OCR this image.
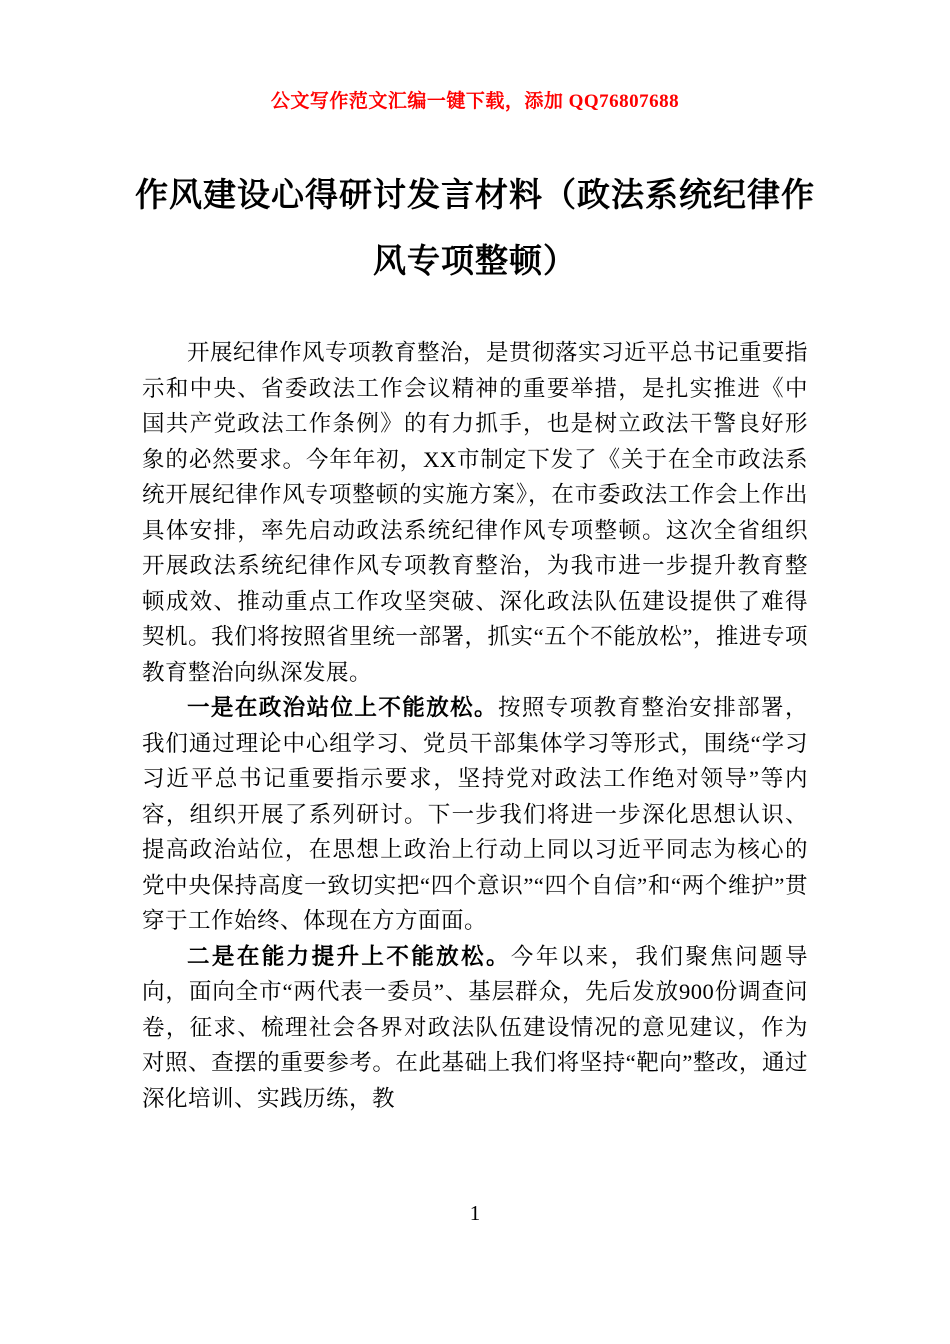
公文写作范文汇编一键下载，添加 QQ76807688
作风建设心得研讨发言材料（政法系统纪律作风专项整顿）

开展纪律作风专项教育整治，是贯彻落实习近平总书记重要指示和中央、省委政法工作会议精神的重要举措，是扎实推进《中国共产党政法工作条例》的有力抓手，也是树立政法干警良好形象的必然要求。今年年初，XX市制定下发了《关于在全市政法系统开展纪律作风专项整顿的实施方案》，在市委政法工作会上作出具体安排，率先启动政法系统纪律作风专项整顿。这次全省组织开展政法系统纪律作风专项教育整治，为我市进一步提升教育整顿成效、推动重点工作攻坚突破、深化政法队伍建设提供了难得契机。我们将按照省里统一部署，抓实“五个不能放松”，推进专项教育整治向纵深发展。

一是在政治站位上不能放松。按照专项教育整治安排部署，我们通过理论中心组学习、党员干部集体学习等形式，围绕“学习习近平总书记重要指示要求，坚持党对政法工作绝对领导”等内容，组织开展了系列研讨。下一步我们将进一步深化思想认识、提高政治站位，在思想上政治上行动上同以习近平同志为核心的党中央保持高度一致切实把“四个意识”“四个自信”和“两个维护”贯穿于工作始终、体现在方方面面。

二是在能力提升上不能放松。今年以来，我们聚焦问题导向，面向全市“两代表一委员”、基层群众，先后发放900份调查问卷，征求、梳理社会各界对政法队伍建设情况的意见建议，作为对照、查摆的重要参考。在此基础上我们将坚持“靶向”整改，通过深化培训、实践历练，教

1
